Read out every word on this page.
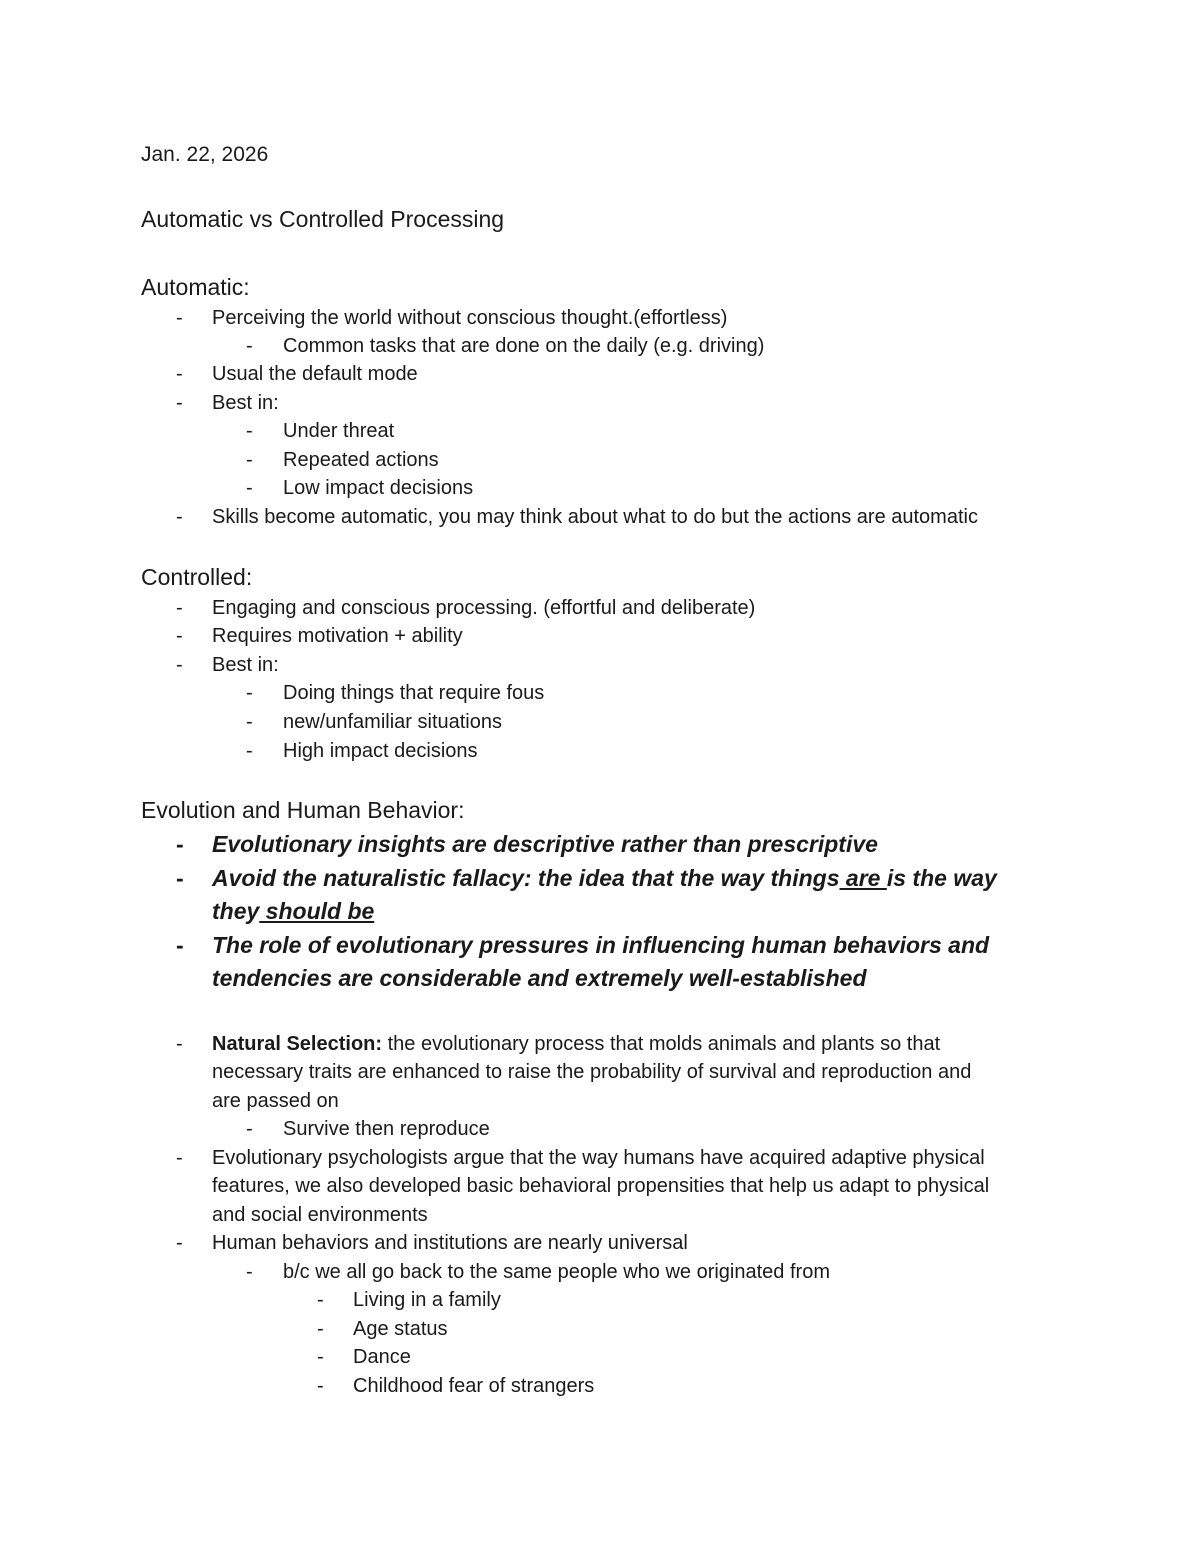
Jan. 22, 2026
Automatic vs Controlled Processing
Automatic:
- Perceiving the world without conscious thought.(effortless)
- Common tasks that are done on the daily (e.g. driving)
- Usual the default mode
- Best in:
- Under threat
- Repeated actions
- Low impact decisions
- Skills become automatic, you may think about what to do but the actions are automatic
Controlled:
- Engaging and conscious processing. (effortful and deliberate)
- Requires motivation + ability
- Best in:
- Doing things that require fous
- new/unfamiliar situations
- High impact decisions
Evolution and Human Behavior:
- Evolutionary insights are descriptive rather than prescriptive
- Avoid the naturalistic fallacy: the idea that the way things are is the way
they should be
- The role of evolutionary pressures in influencing human behaviors and
tendencies are considerable and extremely well-established
- Natural Selection: the evolutionary process that molds animals and plants so that
necessary traits are enhanced to raise the probability of survival and reproduction and
are passed on
- Survive then reproduce
- Evolutionary psychologists argue that the way humans have acquired adaptive physical
features, we also developed basic behavioral propensities that help us adapt to physical
and social environments
- Human behaviors and institutions are nearly universal
- b/c we all go back to the same people who we originated from
- Living in a family
- Age status
- Dance
- Childhood fear of strangers
